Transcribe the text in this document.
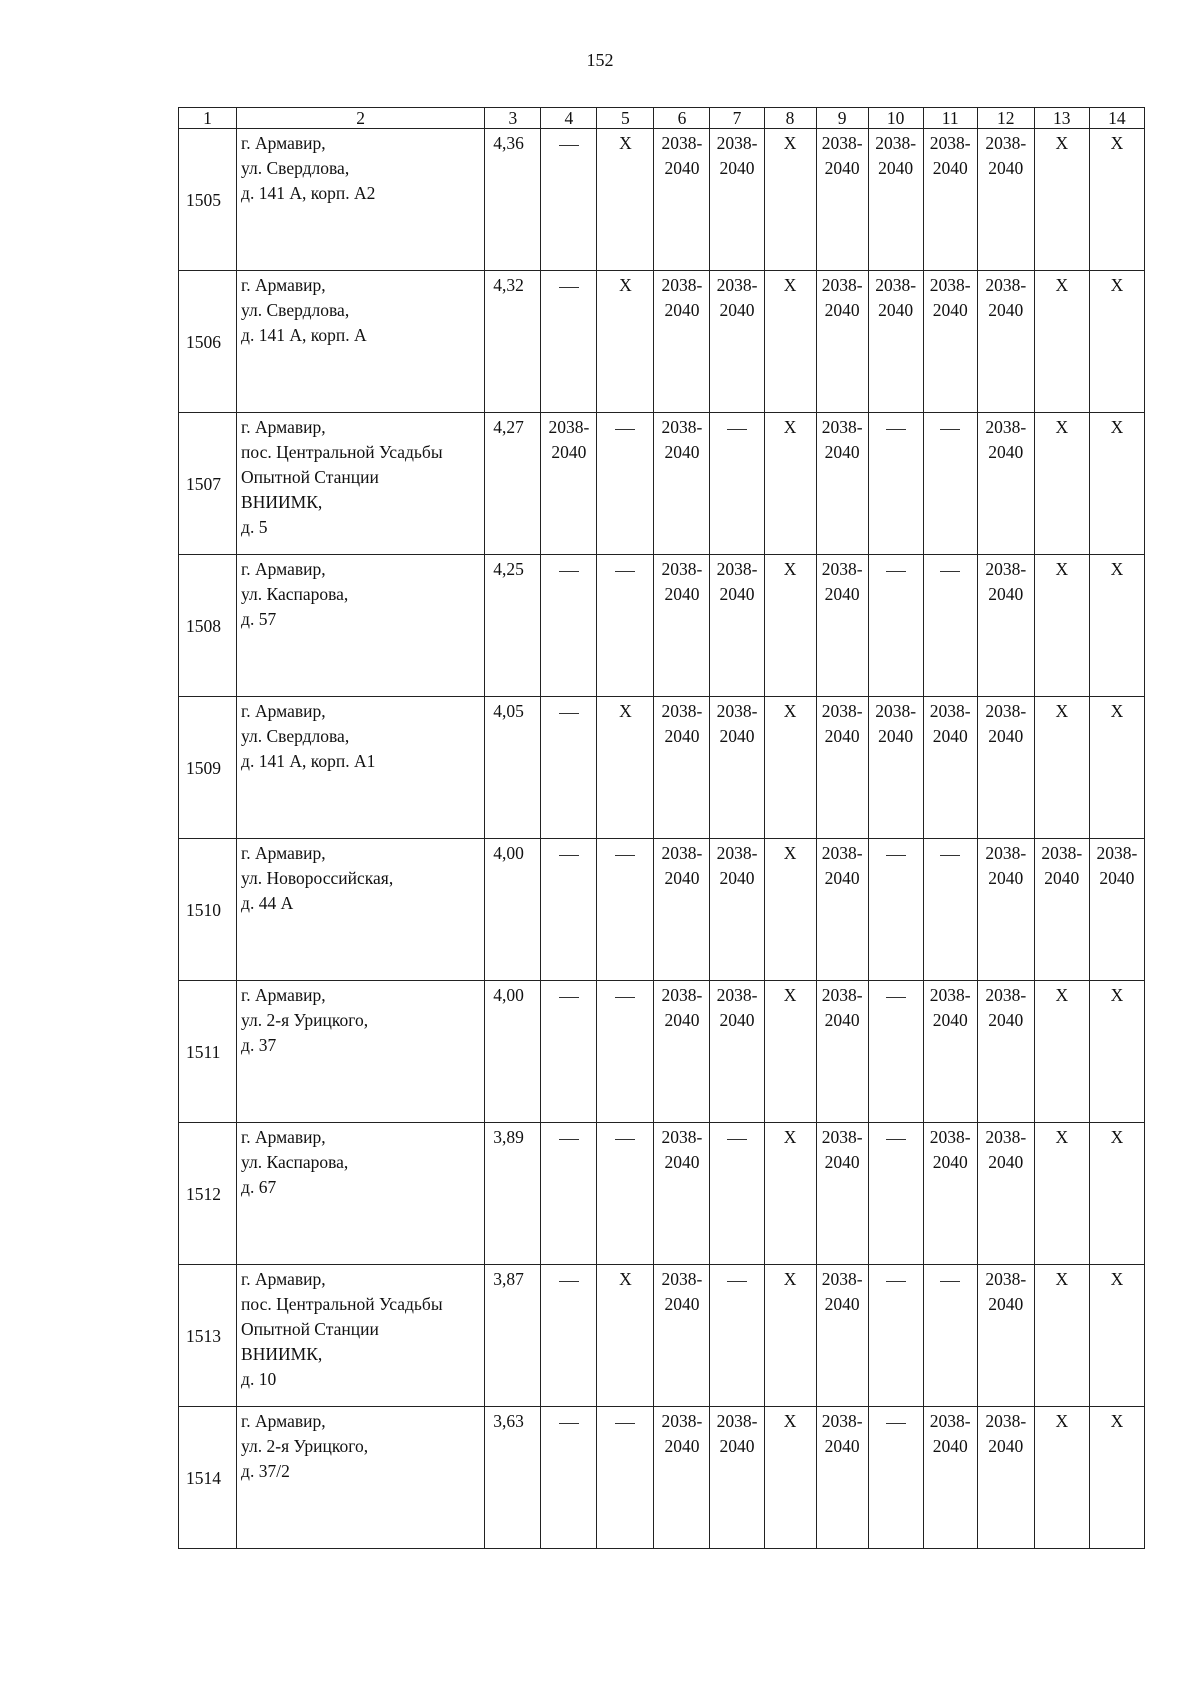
152
1	2	3	4	5	6	7	8	9	10	11	12	13	14
1505	г. Армавир,
ул. Свердлова,
д. 141 А, корп. А2	4,36		X	2038-
2040	2038-
2040	X	2038-
2040	2038-
2040	2038-
2040	2038-
2040	X	X
1506	г. Армавир,
ул. Свердлова,
д. 141 А, корп. А	4,32		X	2038-
2040	2038-
2040	X	2038-
2040	2038-
2040	2038-
2040	2038-
2040	X	X
1507	г. Армавир,
пос. Центральной Усадьбы
Опытной Станции
ВНИИМК,
д. 5	4,27	2038-
2040		2038-
2040		X	2038-
2040			2038-
2040	X	X
1508	г. Армавир,
ул. Каспарова,
д. 57	4,25			2038-
2040	2038-
2040	X	2038-
2040			2038-
2040	X	X
1509	г. Армавир,
ул. Свердлова,
д. 141 А, корп. А1	4,05		X	2038-
2040	2038-
2040	X	2038-
2040	2038-
2040	2038-
2040	2038-
2040	X	X
1510	г. Армавир,
ул. Новороссийская,
д. 44 А	4,00			2038-
2040	2038-
2040	X	2038-
2040			2038-
2040	2038-
2040	2038-
2040
1511	г. Армавир,
ул. 2-я Урицкого,
д. 37	4,00			2038-
2040	2038-
2040	X	2038-
2040		2038-
2040	2038-
2040	X	X
1512	г. Армавир,
ул. Каспарова,
д. 67	3,89			2038-
2040		X	2038-
2040		2038-
2040	2038-
2040	X	X
1513	г. Армавир,
пос. Центральной Усадьбы
Опытной Станции
ВНИИМК,
д. 10	3,87		X	2038-
2040		X	2038-
2040			2038-
2040	X	X
1514	г. Армавир,
ул. 2-я Урицкого,
д. 37/2	3,63			2038-
2040	2038-
2040	X	2038-
2040		2038-
2040	2038-
2040	X	X
